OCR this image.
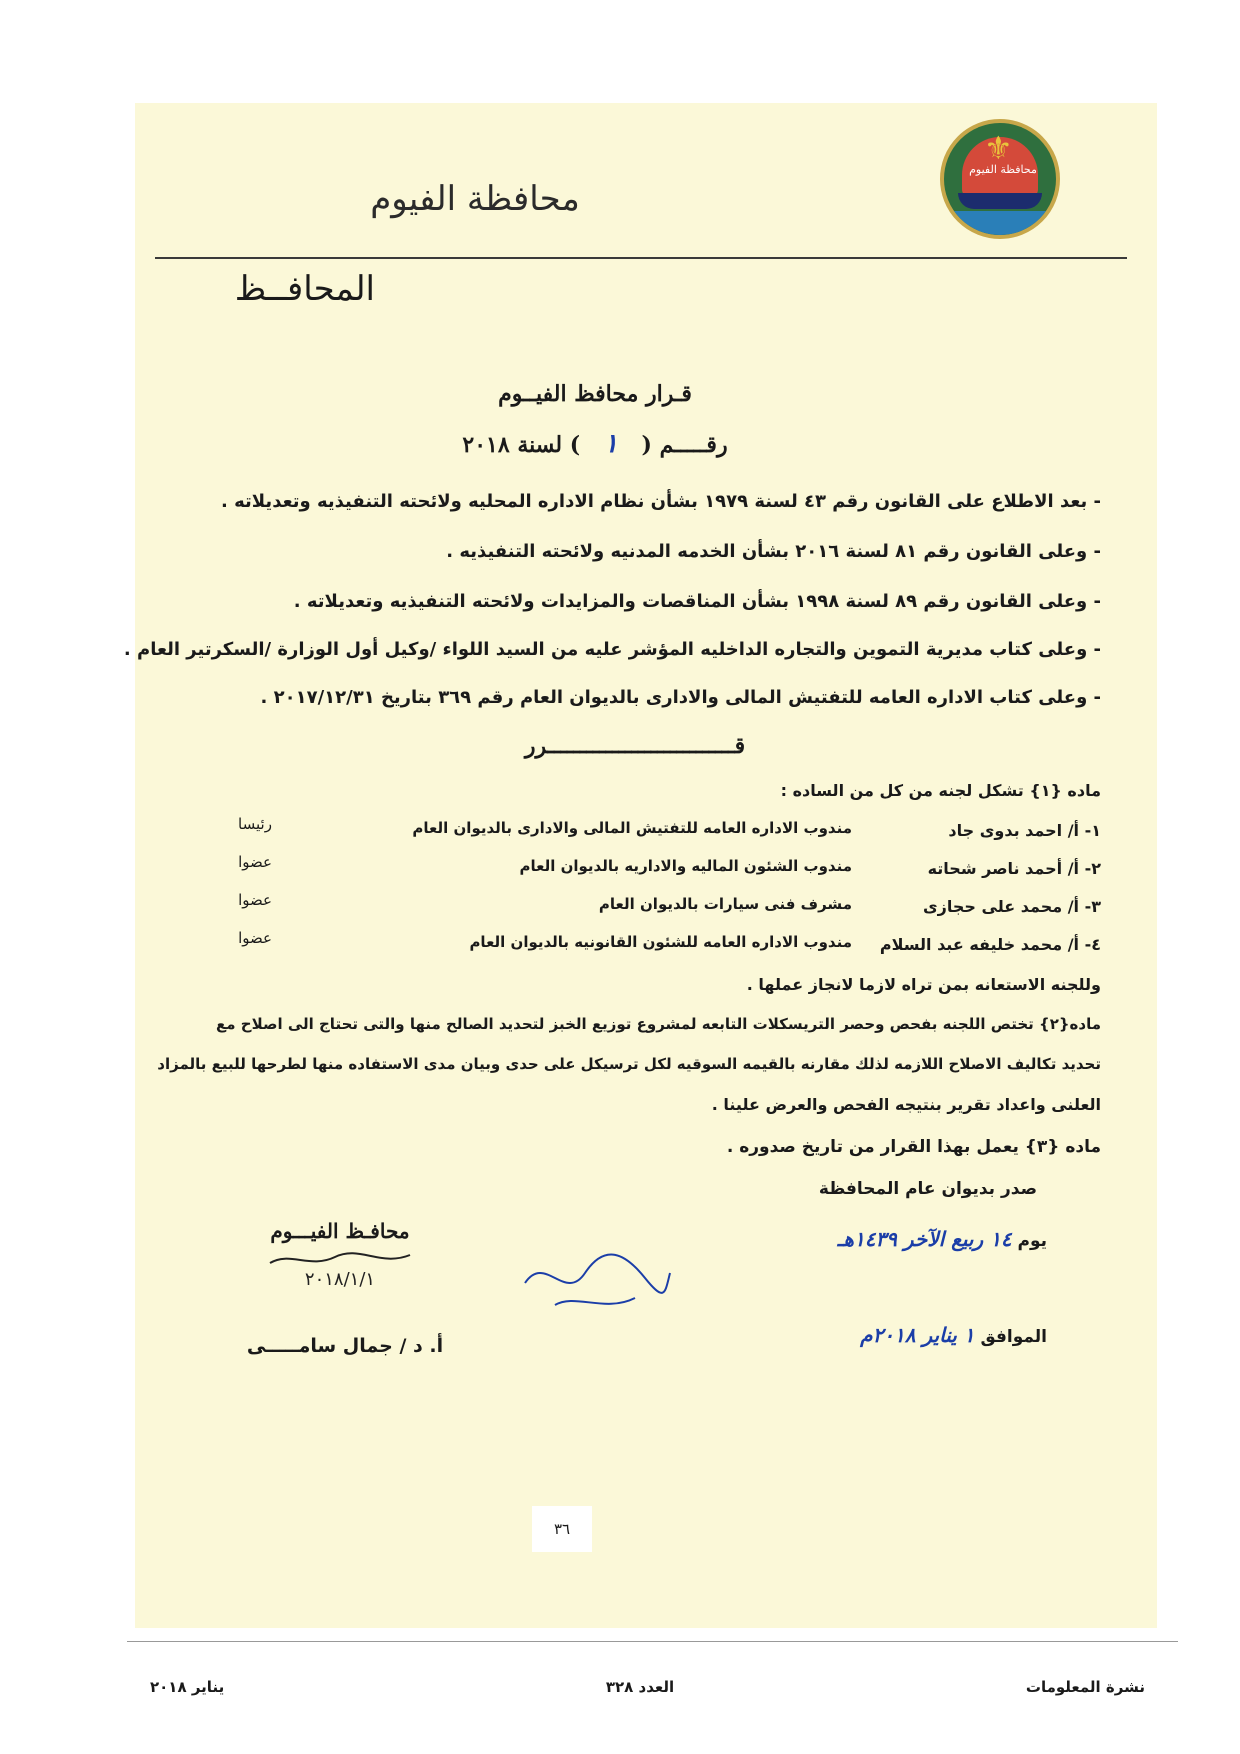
⚜
محافظة الفيوم
محافظة الفيوم
المحافــظ
قـرار محافظ الفيــوم
رقـــــم ( ١ ) لسنة ٢٠١٨
- بعد الاطلاع على القانون رقم ٤٣ لسنة ١٩٧٩ بشأن نظام الاداره المحليه ولائحته التنفيذيه وتعديلاته .
- وعلى القانون رقم ٨١ لسنة ٢٠١٦ بشأن الخدمه المدنيه ولائحته التنفيذيه .
- وعلى القانون رقم ٨٩ لسنة ١٩٩٨ بشأن المناقصات والمزايدات ولائحته التنفيذيه وتعديلاته .
- وعلى كتاب مديرية التموين والتجاره الداخليه المؤشر عليه من السيد اللواء /وكيل أول الوزارة /السكرتير العام .
- وعلى كتاب الاداره العامه للتفتيش المالى والادارى بالديوان العام رقم ٣٦٩ بتاريخ ٢٠١٧/١٢/٣١ .
قـــــــــــــــــــــــــــــرر
ماده {١} تشكل لجنه من كل من الساده :
١- أ/ احمد بدوى جاد
مندوب الاداره العامه للتفتيش المالى والادارى بالديوان العام
رئيسا
٢- أ/ أحمد ناصر شحاته
مندوب الشئون الماليه والاداريه بالديوان العام
عضوا
٣- أ/ محمد على حجازى
مشرف فنى سيارات بالديوان العام
عضوا
٤- أ/ محمد خليفه عبد السلام
مندوب الاداره العامه للشئون القانونيه بالديوان العام
عضوا
وللجنه الاستعانه بمن تراه لازما لانجاز عملها .
ماده{٢} تختص اللجنه بفحص وحصر التريسكلات التابعه لمشروع توزيع الخبز لتحديد الصالح منها والتى تحتاج الى اصلاح مع
تحديد تكاليف الاصلاح اللازمه لذلك مقارنه بالقيمه السوقيه لكل ترسيكل على حدى وبيان مدى الاستفاده منها لطرحها للبيع بالمزاد
العلنى واعداد تقرير بنتيجه الفحص والعرض علينا .
ماده {٣} يعمل بهذا القرار من تاريخ صدوره .
صدر بديوان عام المحافظة
يوم ١٤ ربيع الآخر ١٤٣٩هـ
الموافق ١ يناير ٢٠١٨م
محافـظ الفيـــوم
٢٠١٨/١/١
أ. د / جمال سامـــــى
٣٦
نشرة المعلومات
العدد ٣٢٨
يناير ٢٠١٨
